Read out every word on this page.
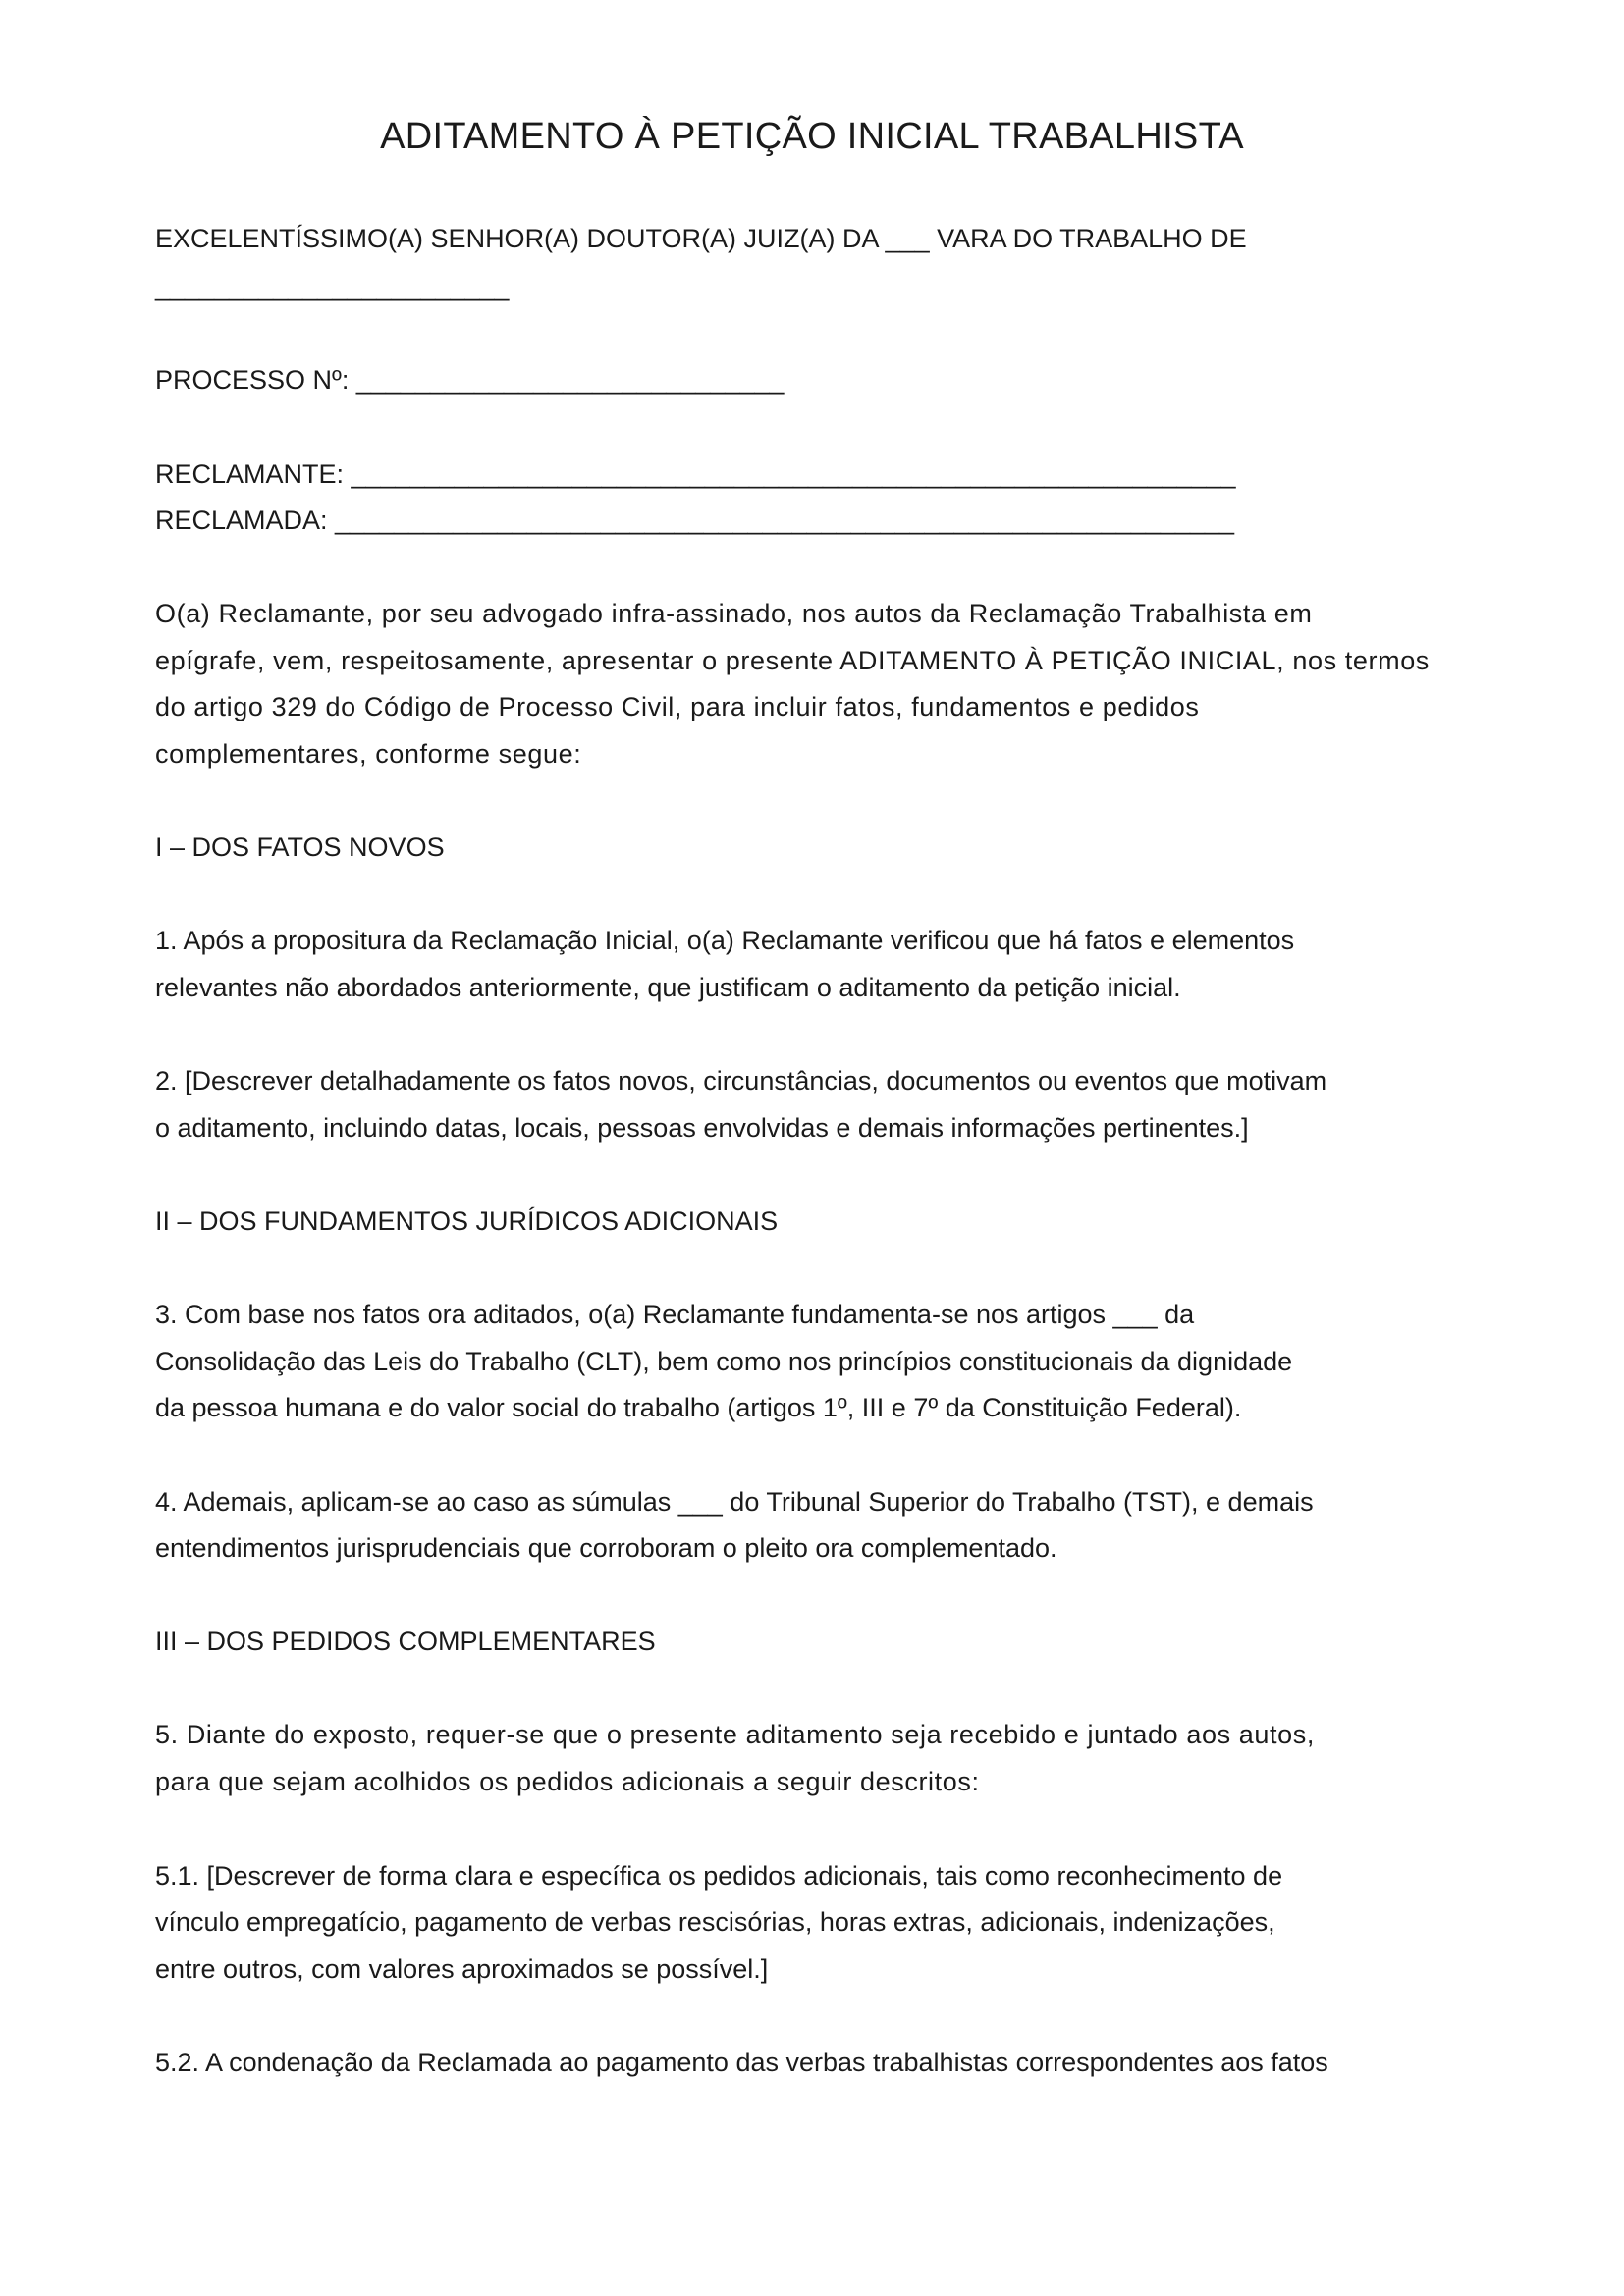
ADITAMENTO À PETIÇÃO INICIAL TRABALHISTA
EXCELENTÍSSIMO(A) SENHOR(A) DOUTOR(A) JUIZ(A) DA ___ VARA DO TRABALHO DE
________________________
PROCESSO Nº: _____________________________
RECLAMANTE: ____________________________________________________________
RECLAMADA: _____________________________________________________________
O(a) Reclamante, por seu advogado infra-assinado, nos autos da Reclamação Trabalhista em
epígrafe, vem, respeitosamente, apresentar o presente ADITAMENTO À PETIÇÃO INICIAL, nos termos
do artigo 329 do Código de Processo Civil, para incluir fatos, fundamentos e pedidos
complementares, conforme segue:
I – DOS FATOS NOVOS
1. Após a propositura da Reclamação Inicial, o(a) Reclamante verificou que há fatos e elementos
relevantes não abordados anteriormente, que justificam o aditamento da petição inicial.
2. [Descrever detalhadamente os fatos novos, circunstâncias, documentos ou eventos que motivam
o aditamento, incluindo datas, locais, pessoas envolvidas e demais informações pertinentes.]
II – DOS FUNDAMENTOS JURÍDICOS ADICIONAIS
3. Com base nos fatos ora aditados, o(a) Reclamante fundamenta-se nos artigos ___ da
Consolidação das Leis do Trabalho (CLT), bem como nos princípios constitucionais da dignidade
da pessoa humana e do valor social do trabalho (artigos 1º, III e 7º da Constituição Federal).
4. Ademais, aplicam-se ao caso as súmulas ___ do Tribunal Superior do Trabalho (TST), e demais
entendimentos jurisprudenciais que corroboram o pleito ora complementado.
III – DOS PEDIDOS COMPLEMENTARES
5. Diante do exposto, requer-se que o presente aditamento seja recebido e juntado aos autos,
para que sejam acolhidos os pedidos adicionais a seguir descritos:
5.1. [Descrever de forma clara e específica os pedidos adicionais, tais como reconhecimento de
vínculo empregatício, pagamento de verbas rescisórias, horas extras, adicionais, indenizações,
entre outros, com valores aproximados se possível.]
5.2. A condenação da Reclamada ao pagamento das verbas trabalhistas correspondentes aos fatos
